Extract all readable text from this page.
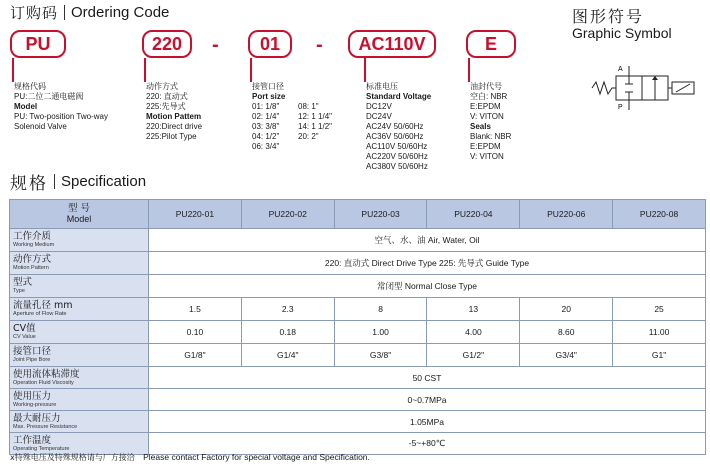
订购码 Ordering Code	图形符号
Graphic Symbol
PU	220	-	01	-	AC110V	E
规格代码
PU:二位二通电磁阀
Model
PU: Two-position Two-way
Solenoid Valve
动作方式
220: 直动式
225:先导式
Motion Pattem
220:Direct drive
225:Pilot Type
接管口径
Port size
01: 1/8"	08: 1"
02: 1/4"	12: 1 1/4"
03: 3/8"	14: 1 1/2"
04: 1/2"	20: 2"
06: 3/4"
标准电压
Standard Voltage
DC12V
DC24V
AC24V 50/60Hz
AC36V 50/60Hz
AC110V 50/60Hz
AC220V 50/60Hz
AC380V 50/60Hz
油封代号
空白: NBR
E:EPDM
V: VITON
Seals
Blank: NBR
E:EPDM
V: VITON
A
P
规格 Specification
型 号
Model	PU220-01	PU220-02	PU220-03	PU220-04	PU220-06	PU220-08

工作介质
Working Medium	空气、水、油 Air, Water, Oil					

动作方式
Motion Pattern	220: 直动式 Direct Drive Type 225: 先导式 Guide Type					

型式
Type	常闭型 Normal Close Type					

流量孔径 mm
Aperture of Flow Rate	1.5	2.3	8	13	20	25

CV值
CV Value	0.10	0.18	1.00	4.00	8.60	11.00

接管口径
Joint Pipe Bore	G1/8"	G1/4"	G3/8"	G1/2"	G3/4"	G1"

使用流体粘滞度
Operation Fluid Viscosity	50 CST					

使用压力
Working-pressure	0~0.7MPa					

最大耐压力
Max. Pressure Resistance	1.05MPa					

工作温度
Operating Temperature	-5~+80℃					
x特殊电压及特殊规格请与厂方接洽 Please contact Factory for special voltage and Specification.
